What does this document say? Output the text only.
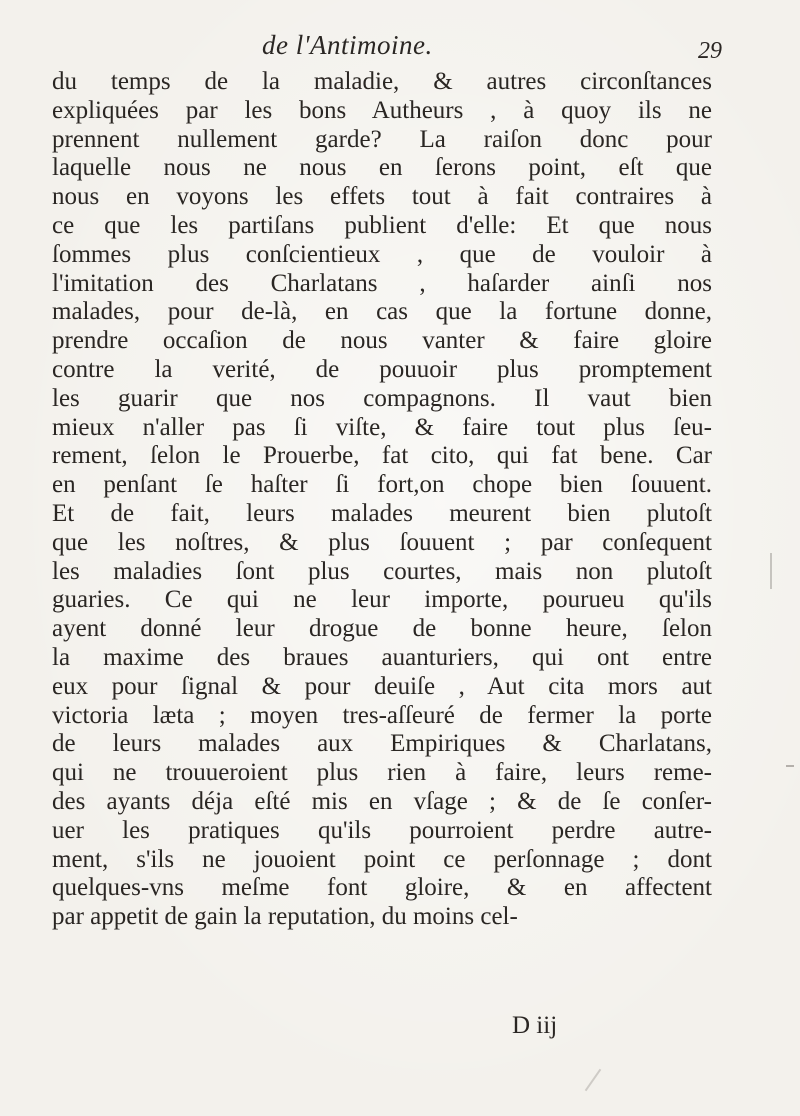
de l'Antimoine.	29
du temps de la maladie, & autres circonſtances
expliquées par les bons Autheurs , à quoy ils ne
prennent nullement garde? La raiſon donc pour
laquelle nous ne nous en ſerons point, eſt que
nous en voyons les effets tout à fait contraires à
ce que les partiſans publient d'elle: Et que nous
ſommes plus conſcientieux , que de vouloir à
l'imitation des Charlatans , haſarder ainſi nos
malades, pour de-là, en cas que la fortune donne,
prendre occaſion de nous vanter & faire gloire
contre la verité, de pouuoir plus promptement
les guarir que nos compagnons. Il vaut bien
mieux n'aller pas ſi viſte, & faire tout plus ſeu-
rement, ſelon le Prouerbe, fat cito, qui fat bene. Car
en penſant ſe haſter ſi fort,on chope bien ſouuent.
Et de fait, leurs malades meurent bien plutoſt
que les noſtres, & plus ſouuent ; par conſequent
les maladies ſont plus courtes, mais non plutoſt
guaries. Ce qui ne leur importe, pourueu qu'ils
ayent donné leur drogue de bonne heure, ſelon
la maxime des braues auanturiers, qui ont entre
eux pour ſignal & pour deuiſe , Aut cita mors aut
victoria læta ; moyen tres-aſſeuré de fermer la porte
de leurs malades aux Empiriques & Charlatans,
qui ne trouueroient plus rien à faire, leurs reme-
des ayants déja eſté mis en vſage ; & de ſe conſer-
uer les pratiques qu'ils pourroient perdre autre-
ment, s'ils ne jouoient point ce perſonnage ; dont
quelques-vns meſme font gloire, & en affectent
par appetit de gain la reputation, du moins cel-
D iij
